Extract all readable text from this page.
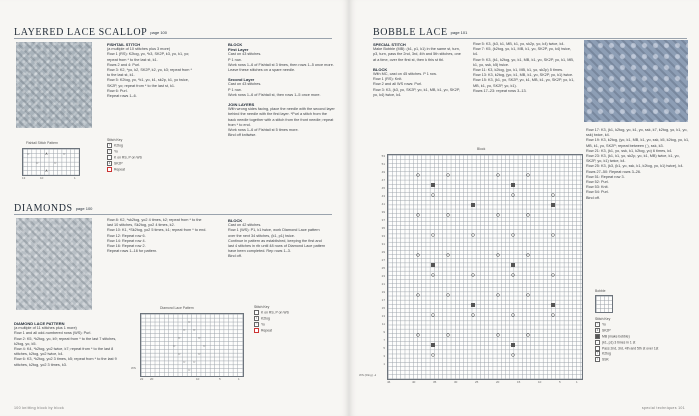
LAYERED LACE SCALLOP page 100
FISHTAIL STITCH
(a multiple of 10 stitches plus 3 more)
Row 1 (RS): K2tog, yo, *k3, SK2P, k3, yo, k1, yo; repeat from * to the last st, k1.
Rows 2 and 4: Purl.
Row 3: K2, *yo, k2, SK2P, k2, yo, k3; repeat from * to the last st, k1.
Row 5: K2tog, yo, *k1, yo, k1, sk2p, k1, yo twice, SK2P, yo; repeat from * to the last st, k1.
Row 6: Purl.
Repeat rows 1–6.
BLOCK
First Layer
Cast on 43 stitches.
P 1 row.
Work rows 1–6 of Fishtail st 3 times, then rows 1–5 once more.
Leave these stitches on a spare needle.
Second Layer
Cast on 43 stitches.
P 1 row.
Work rows 1–6 of Fishtail st, then rows 1–5 once more.
JOIN LAYERS
With wrong sides facing, place the needle with the second layer behind the needle with the first layer. *Purl a stitch from the back needle together with a stitch from the front needle; repeat from * to end.
Work rows 1–6 of Fishtail st 5 times more.
Bind off knitwise.
Fishtail Stitch Pattern
○	∧	○
○	○
∧
13	10	1
Stitch Key
/ K2tog
○ Yo
K on RS, P on WS
∧ SK2P
Repeat
DIAMONDS page 100
Row 8: K2, *sk2tog, yo2 4 times, k2; repeat from * to the last 10 stitches, Sk2tog, yo2 4 times, k2.
Row 10: K1, *Sk2tog, yo2 5 times, k1; repeat from * to end.
Row 12: Repeat row 6.
Row 14: Repeat row 4.
Row 16: Repeat row 2.
Repeat rows 1–16 for pattern.
BLOCK
Cast on 42 stitches.
Row 1 (WS): P1, k1 twice, work Diamond Lace pattern over the next 34 stitches, (k1, p1) twice.
Continue in pattern as established, keeping the first and last 4 stitches in rib until 48 rows of Diamond Lace pattern have been completed. Rep rows 1–3.
Bind off.
DIAMOND LACE PATTERN
(a multiple of 11 stitches plus 1 more)
Row 1 and all odd-numbered rows (WS): Purl.
Row 2: K5, *k2tog, yo, k9; repeat from * to the last 7 stitches, k2tog, yo, k5.
Row 4: K4, *k2tog, yo2 twice, k7; repeat from * to the last 8 stitches, k2tog, yo2 twice, k4.
Row 6: K3, *k2tog, yo2 3 times, k5; repeat from * to the last 9 stitches, k2tog, yo2 3 times, k3.
Diamond Lace Pattern
○
○ ○
○	○
○	○
○	○
○ ○
○
WS
22 20	10	5	1
Stitch Key
K on RS, P on WS
/ K2tog
○ Yo
Repeat
100 knitting block by block
BOBBLE LACE page 101
SPECIAL STITCH
Make Bobble (MB): (k1, p1, k1) in the same st, turn, p3, turn, pass the 2nd, 3rd, 4th and 5th stitches, one at a time, over the first st, then k this st tbl.
BLOCK
With MC, cast on 45 stitches. P 1 row.
Row 1 (RS): Knit.
Row 2 and all WS rows: Purl.
Row 3: K3, (k3, yo, SK2P, yo, k1, MB, k1, yo, SK2P, yo, k4) twice, k4.
Row 5: K3, (k3, k1, MB, k1, yo, sk2p, yo, k4) twice, k4.
Row 7: K5, (k2tog, yo, k1, MB, k1, yo, SK2P, yo, k4) twice, k4.
Row 9: K3, (k1, k2tog, yo, k1, MB, k1, yo, SK2P, yo, k1, MB, k1, yo, ssk, k5) twice.
Row 11: K3, k2tog, (yo, k1, MB, k1, yo, sk2p) 5 times.
Row 13: K3, k2tog, (yo, k1, MB, k1, yo, SK2P, yo, k1) twice.
Row 15: K3, (k1, yo, SK2P, yo, k1, MB, k1, yo, SK2P, yo, k1, MB, k1, yo, SK2P, yo, k1).
Rows 17–23: repeat rows 3–13.
Row 17: K3, (k1, k2tog, yo, k1, yo, ssk, k7, k2tog, yo, k1, yo, ssk) twice, k4.
Row 19: K3, k2tog, (yo, k1, MB, k1, yo, ssk, k5, k2tog, yo, k1, MB, k1, yo, SK2P; repeat between ( ), ssk, k3.
Row 21: K3, (k1, yo, ssk, k1, k2tog, yo) 6 times, k4.
Row 23: K3, (k1, k1, yo, sk2p, yo, k1, MB) twice, k1, yo, SK2P, yo, k1) twice, k4.
Row 25: K3, (k3, (k1, yo, ssk, k1, k2tog, yo, k1) twice), k4.
Rows 27–50: Repeat rows 3–26.
Row 51: Repeat row 3.
Row 52: Purl.
Row 53: Knit.
Row 54: Purl.
Bind off.
Block
WS (Ring) ⇥
53
51
49
47
45
43
41
39
37
35
33
31
29
27
25
23
21
19
17
15
13
11
9
7
5
3
1
46	40	35	30	25	20	15	10	5	1
Bobble
Stitch Key
○ Yo
∧ SK2P
MB (make bobble)
· (k1, p1) 3 times in 1 st
⌒ Pass 2nd, 3rd, 4th and 5th st over 1st
/ K2tog
\ SSK
special techniques 101
